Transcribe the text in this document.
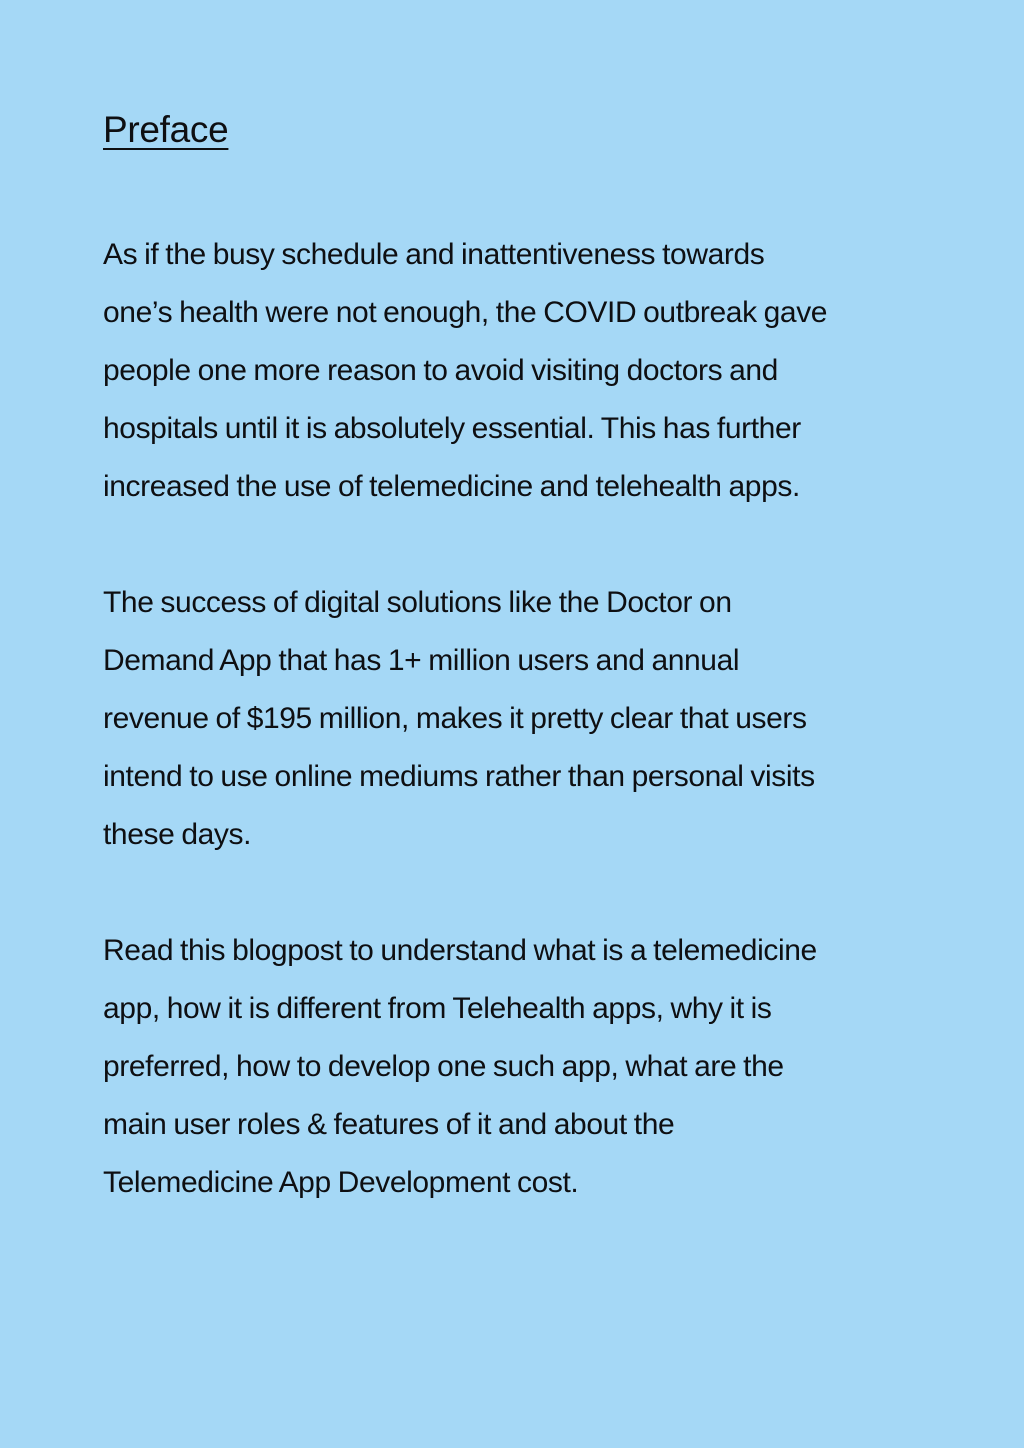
Preface

As if the busy schedule and inattentiveness towards
one’s health were not enough, the COVID outbreak gave
people one more reason to avoid visiting doctors and
hospitals until it is absolutely essential. This has further
increased the use of telemedicine and telehealth apps.

The success of digital solutions like the Doctor on
Demand App that has 1+ million users and annual
revenue of $195 million, makes it pretty clear that users
intend to use online mediums rather than personal visits
these days.

Read this blogpost to understand what is a telemedicine
app, how it is different from Telehealth apps, why it is
preferred, how to develop one such app, what are the
main user roles & features of it and about the
Telemedicine App Development cost.
